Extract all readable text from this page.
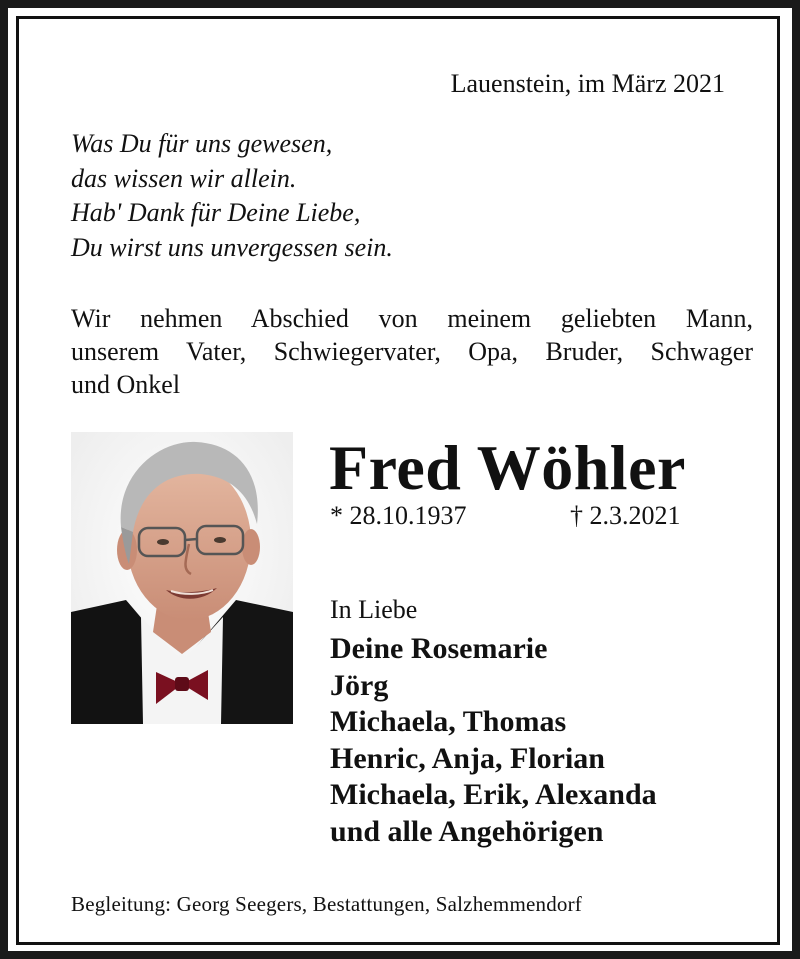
Lauenstein, im März 2021

Was Du für uns gewesen,
das wissen wir allein.
Hab' Dank für Deine Liebe,
Du wirst uns unvergessen sein.
Wir nehmen Abschied von meinem geliebten Mann,
unserem Vater, Schwiegervater, Opa, Bruder, Schwager
und Onkel
Fred Wöhler
* 28.10.1937	† 2.3.2021

In Liebe

Deine Rosemarie
Jörg
Michaela, Thomas
Henric, Anja, Florian
Michaela, Erik, Alexanda
und alle Angehörigen

Begleitung: Georg Seegers, Bestattungen, Salzhemmendorf
